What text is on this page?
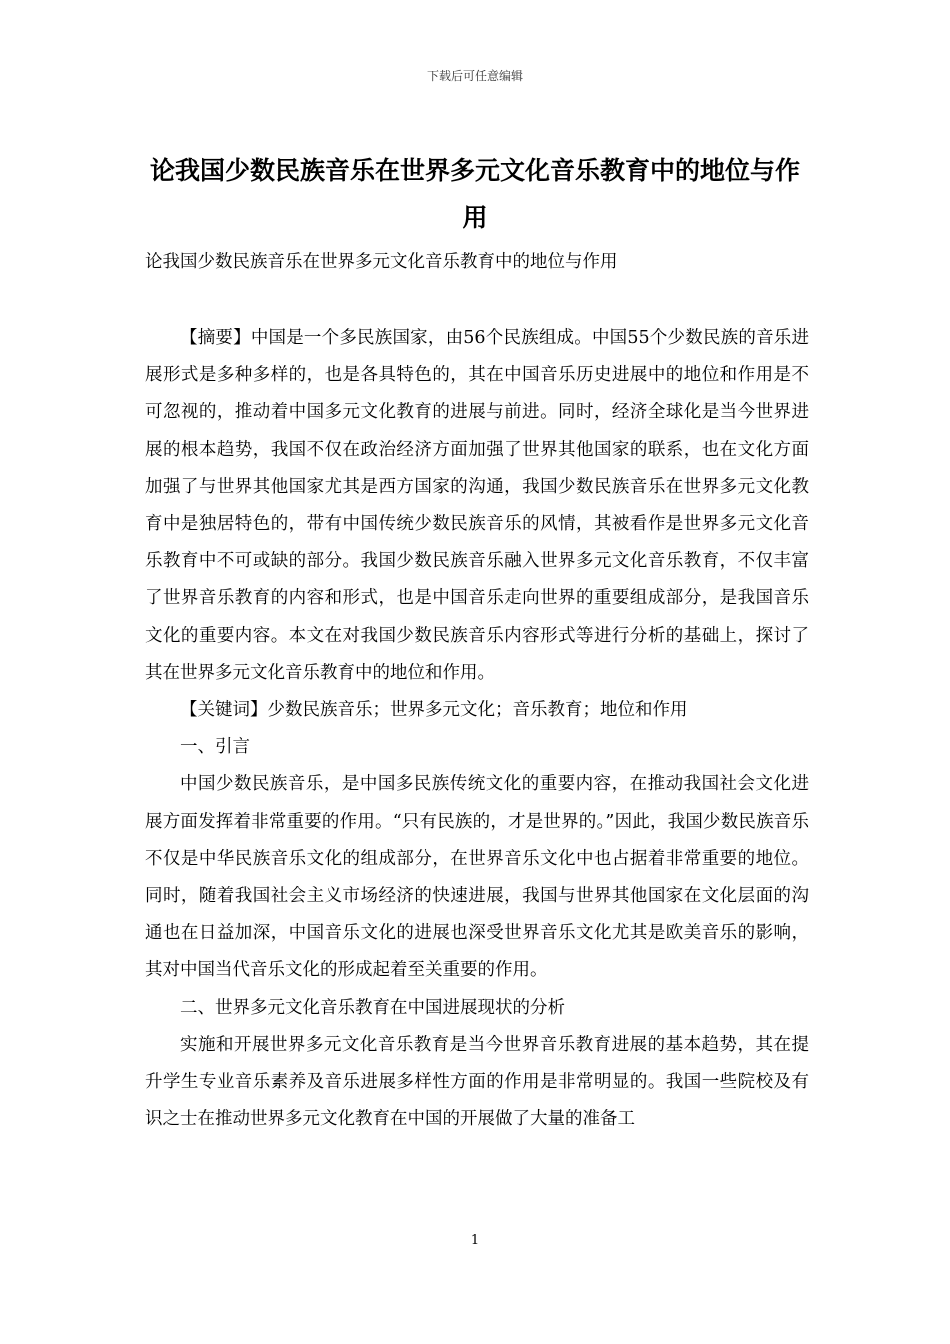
下载后可任意编辑
论我国少数民族音乐在世界多元文化音乐教育中的地位与作用

论我国少数民族音乐在世界多元文化音乐教育中的地位与作用

【摘要】中国是一个多民族国家，由56个民族组成。中国55个少数民族的音乐进展形式是多种多样的，也是各具特色的，其在中国音乐历史进展中的地位和作用是不可忽视的，推动着中国多元文化教育的进展与前进。同时，经济全球化是当今世界进展的根本趋势，我国不仅在政治经济方面加强了世界其他国家的联系，也在文化方面加强了与世界其他国家尤其是西方国家的沟通，我国少数民族音乐在世界多元文化教育中是独居特色的，带有中国传统少数民族音乐的风情，其被看作是世界多元文化音乐教育中不可或缺的部分。我国少数民族音乐融入世界多元文化音乐教育，不仅丰富了世界音乐教育的内容和形式，也是中国音乐走向世界的重要组成部分，是我国音乐文化的重要内容。本文在对我国少数民族音乐内容形式等进行分析的基础上，探讨了其在世界多元文化音乐教育中的地位和作用。

【关键词】少数民族音乐；世界多元文化；音乐教育；地位和作用

一、引言

中国少数民族音乐，是中国多民族传统文化的重要内容，在推动我国社会文化进展方面发挥着非常重要的作用。“只有民族的，才是世界的。”因此，我国少数民族音乐不仅是中华民族音乐文化的组成部分，在世界音乐文化中也占据着非常重要的地位。同时，随着我国社会主义市场经济的快速进展，我国与世界其他国家在文化层面的沟通也在日益加深，中国音乐文化的进展也深受世界音乐文化尤其是欧美音乐的影响，其对中国当代音乐文化的形成起着至关重要的作用。

二、世界多元文化音乐教育在中国进展现状的分析

实施和开展世界多元文化音乐教育是当今世界音乐教育进展的基本趋势，其在提升学生专业音乐素养及音乐进展多样性方面的作用是非常明显的。我国一些院校及有识之士在推动世界多元文化教育在中国的开展做了大量的准备工

1
